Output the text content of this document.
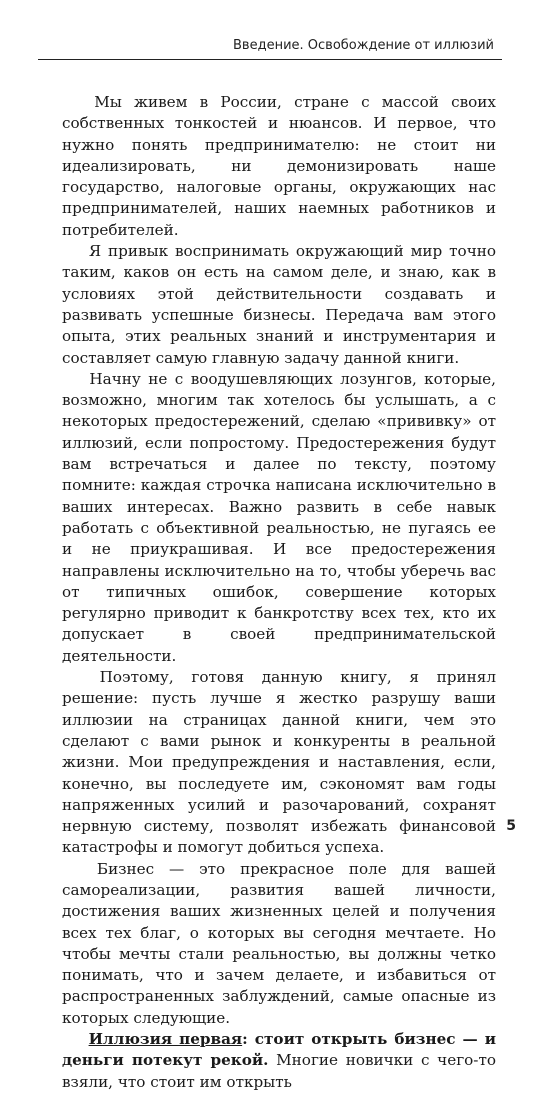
Введение. Освобождение от иллюзий

Мы живем в России, стране с массой своих собственных тонкостей и нюансов. И первое, что нужно понять предпринимателю: не стоит ни идеализировать, ни демонизировать наше государство, налоговые органы, окружающих нас предпринимателей, наших наемных работников и потребителей.

Я привык воспринимать окружающий мир точно таким, каков он есть на самом деле, и знаю, как в условиях этой действительности создавать и развивать успешные бизнесы. Передача вам этого опыта, этих реальных знаний и инструментария и составляет самую главную задачу данной книги.

Начну не с воодушевляющих лозунгов, которые, возможно, многим так хотелось бы услышать, а с некоторых предостережений, сделаю «прививку» от иллюзий, если попростому. Предостережения будут вам встречаться и далее по тексту, поэтому помните: каждая строчка написана исключительно в ваших интересах. Важно развить в себе навык работать с объективной реальностью, не пугаясь ее и не приукрашивая. И все предостережения направлены исключительно на то, чтобы уберечь вас от типичных ошибок, совершение которых регулярно приводит к банкротству всех тех, кто их допускает в своей предпринимательской деятельности.

Поэтому, готовя данную книгу, я принял решение: пусть лучше я жестко разрушу ваши иллюзии на страницах данной книги, чем это сделают с вами рынок и конкуренты в реальной жизни. Мои предупреждения и наставления, если, конечно, вы последуете им, сэкономят вам годы напряженных усилий и разочарований, сохранят нервную систему, позволят избежать финансовой катастрофы и помогут добиться успеха.

Бизнес — это прекрасное поле для вашей самореализации, развития вашей личности, достижения ваших жизненных целей и получения всех тех благ, о которых вы сегодня мечтаете. Но чтобы мечты стали реальностью, вы должны четко понимать, что и зачем делаете, и избавиться от распространенных заблуждений, самые опасные из которых следующие.

Иллюзия первая: стоит открыть бизнес — и деньги потекут рекой. Многие новички с чего-то взяли, что стоит им открыть

5
